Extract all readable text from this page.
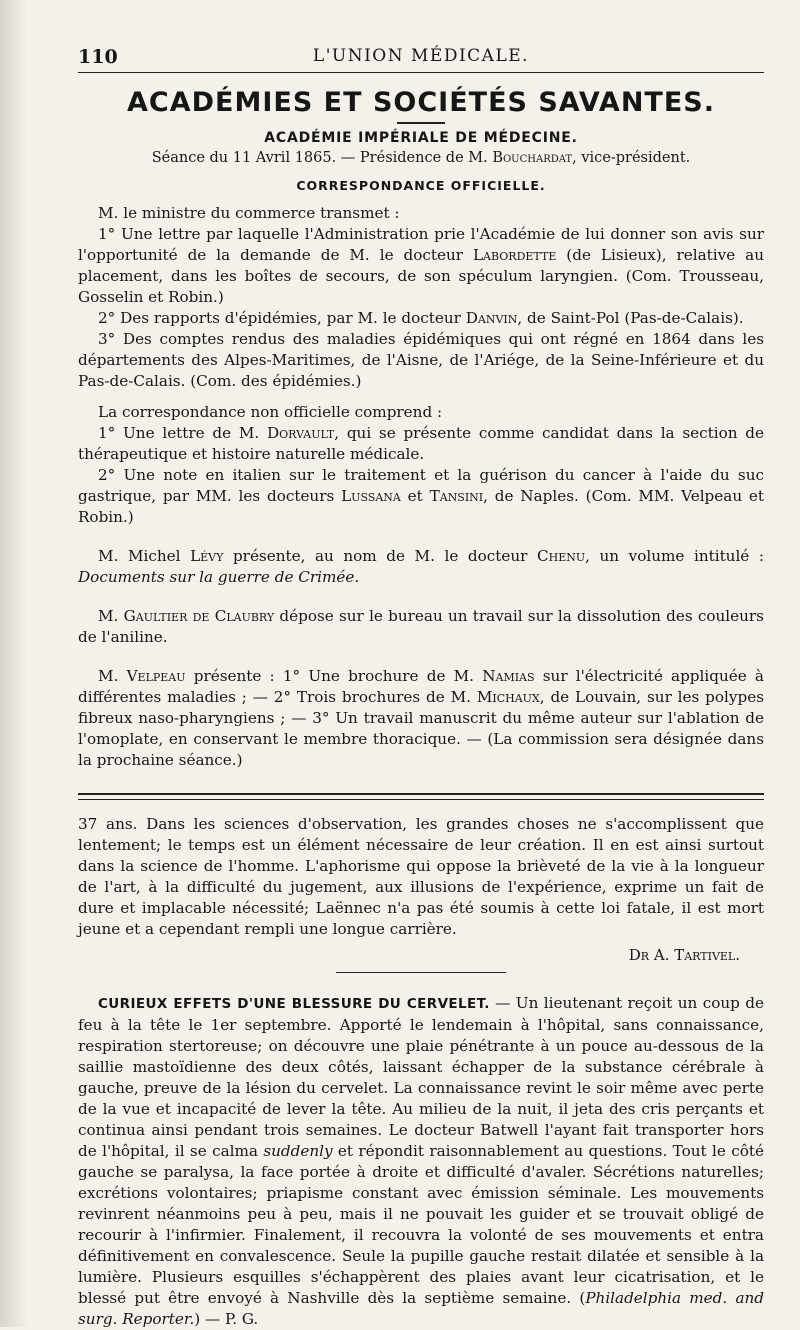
110	L'UNION MÉDICALE.
ACADÉMIES ET SOCIÉTÉS SAVANTES.
ACADÉMIE IMPÉRIALE DE MÉDECINE.
Séance du 11 Avril 1865. — Présidence de M. Bouchardat, vice-président.
CORRESPONDANCE OFFICIELLE.

M. le ministre du commerce transmet :

1° Une lettre par laquelle l'Administration prie l'Académie de lui donner son avis sur l'opportunité de la demande de M. le docteur Labordette (de Lisieux), relative au placement, dans les boîtes de secours, de son spéculum laryngien. (Com. Trousseau, Gosselin et Robin.)

2° Des rapports d'épidémies, par M. le docteur Danvin, de Saint-Pol (Pas-de-Calais).

3° Des comptes rendus des maladies épidémiques qui ont régné en 1864 dans les départements des Alpes-Maritimes, de l'Aisne, de l'Ariége, de la Seine-Inférieure et du Pas-de-Calais. (Com. des épidémies.)

La correspondance non officielle comprend :

1° Une lettre de M. Dorvault, qui se présente comme candidat dans la section de thérapeutique et histoire naturelle médicale.

2° Une note en italien sur le traitement et la guérison du cancer à l'aide du suc gastrique, par MM. les docteurs Lussana et Tansini, de Naples. (Com. MM. Velpeau et Robin.)

M. Michel Lévy présente, au nom de M. le docteur Chenu, un volume intitulé : Documents sur la guerre de Crimée.

M. Gaultier de Claubry dépose sur le bureau un travail sur la dissolution des couleurs de l'aniline.

M. Velpeau présente : 1° Une brochure de M. Namias sur l'électricité appliquée à différentes maladies ; — 2° Trois brochures de M. Michaux, de Louvain, sur les polypes fibreux naso-pharyngiens ; — 3° Un travail manuscrit du même auteur sur l'ablation de l'omoplate, en conservant le membre thoracique. — (La commission sera désignée dans la prochaine séance.)

37 ans. Dans les sciences d'observation, les grandes choses ne s'accomplissent que lentement; le temps est un élément nécessaire de leur création. Il en est ainsi surtout dans la science de l'homme. L'aphorisme qui oppose la brièveté de la vie à la longueur de l'art, à la difficulté du jugement, aux illusions de l'expérience, exprime un fait de dure et implacable nécessité; Laënnec n'a pas été soumis à cette loi fatale, il est mort jeune et a cependant rempli une longue carrière.

Dr A. Tartivel.

CURIEUX EFFETS D'UNE BLESSURE DU CERVELET. — Un lieutenant reçoit un coup de feu à la tête le 1er septembre. Apporté le lendemain à l'hôpital, sans connaissance, respiration stertoreuse; on découvre une plaie pénétrante à un pouce au-dessous de la saillie mastoïdienne des deux côtés, laissant échapper de la substance cérébrale à gauche, preuve de la lésion du cervelet. La connaissance revint le soir même avec perte de la vue et incapacité de lever la tête. Au milieu de la nuit, il jeta des cris perçants et continua ainsi pendant trois semaines. Le docteur Batwell l'ayant fait transporter hors de l'hôpital, il se calma suddenly et répondit raisonnablement au questions. Tout le côté gauche se paralysa, la face portée à droite et difficulté d'avaler. Sécrétions naturelles; excrétions volontaires; priapisme constant avec émission séminale. Les mouvements revinrent néanmoins peu à peu, mais il ne pouvait les guider et se trouvait obligé de recourir à l'infirmier. Finalement, il recouvra la volonté de ses mouvements et entra définitivement en convalescence. Seule la pupille gauche restait dilatée et sensible à la lumière. Plusieurs esquilles s'échappèrent des plaies avant leur cicatrisation, et le blessé put être envoyé à Nashville dès la septième semaine. (Philadelphia med. and surg. Reporter.) — P. G.
